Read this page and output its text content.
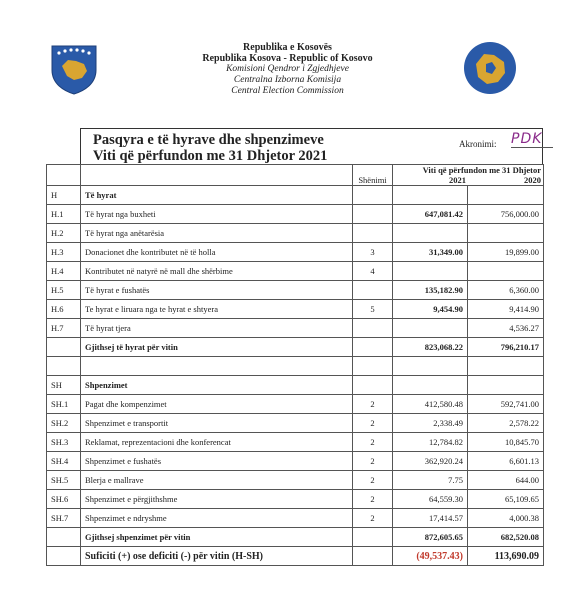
Republika e Kosovës
Republika Kosova - Republic of Kosovo
Komisioni Qendror i Zgjedhjeve
Centralna Izborna Komisija
Central Election Commission
Pasqyra e të hyrave dhe shpenzimeve
Viti që përfundon me 31 Dhjetor 2021
Akronimi: PDK
		Shënimi	Viti që përfundon me 31 Dhjetor
2021 2020	

H	Të hyrat			
H.1	Të hyrat nga buxheti		647,081.42	756,000.00
H.2	Të hyrat nga anëtarësia			
H.3	Donacionet dhe kontributet në të holla	3	31,349.00	19,899.00
H.4	Kontributet në natyrë në mall dhe shërbime	4		
H.5	Të hyrat e fushatës		135,182.90	6,360.00
H.6	Te hyrat e liruara nga te hyrat e shtyera	5	9,454.90	9,414.90
H.7	Të hyrat tjera			4,536.27
	Gjithsej të hyrat për vitin		823,068.22	796,210.17

SH	Shpenzimet			
SH.1	Pagat dhe kompenzimet	2	412,580.48	592,741.00
SH.2	Shpenzimet e transportit	2	2,338.49	2,578.22
SH.3	Reklamat, reprezentacioni dhe konferencat	2	12,784.82	10,845.70
SH.4	Shpenzimet e fushatës	2	362,920.24	6,601.13
SH.5	Blerja e mallrave	2	7.75	644.00
SH.6	Shpenzimet e përgjithshme	2	64,559.30	65,109.65
SH.7	Shpenzimet e ndryshme	2	17,414.57	4,000.38
	Gjithsej shpenzimet për vitin		872,605.65	682,520.08
	Suficiti (+) ose deficiti (-) për vitin (H-SH)		(49,537.43)	113,690.09
